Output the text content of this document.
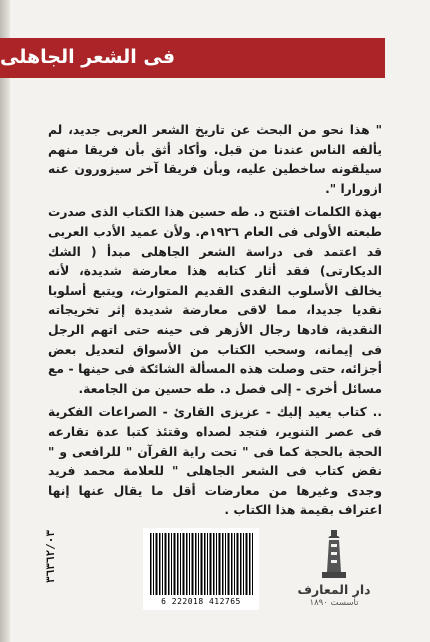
فى الشعر الجاهلى

" هذا نحو من البحث عن تاريخ الشعر العربى جديد، لم يألفه الناس عندنا من قبل. وأكاد أثق بأن فريقا منهم سيلقونه ساخطين عليه، وبأن فريقا آخر سيزورون عنه ازورارا ".

بهذة الكلمات افتتح د. طه حسين هذا الكتاب الذى صدرت طبعته الأولى فى العام ١٩٢٦م. ولأن عميد الأدب العربى قد اعتمد فى دراسة الشعر الجاهلى مبدأ ( الشك الديكارتى) فقد أثار كتابه هذا معارضة شديدة، لأنه يخالف الأسلوب النقدى القديم المتوارث، ويتبع أسلوبا نقديا جديدا، مما لاقى معارضة شديدة إثر تخريجاته النقدية، فادها رجال الأزهر فى حينه حتى اتهم الرجل فى إيمانه، وسحب الكتاب من الأسواق لتعديل بعض أجزائه، حتى وصلت هذه المسألة الشائكة فى حينها - مع مسائل أخرى - إلى فصل د. طه حسين من الجامعة.

.. كتاب يعيد إليك - عزيزى القارئ - الصراعات الفكرية فى عصر التنوير، فتجد لصداه وقتئذ كتبا عدة تقارعه الحجة بالحجة كما فى " تحت راية القرآن " للرافعى و " نقض كتاب فى الشعر الجاهلى " للعلامة محمد فريد وجدى وغيرها من معارضات أقل ما يقال عنها إنها اعتراف بقيمة هذا الكتاب .

٣٦٣٦٢/٠٣
6 222018 412765
دار المعارف
تأسست ١٨٩٠
